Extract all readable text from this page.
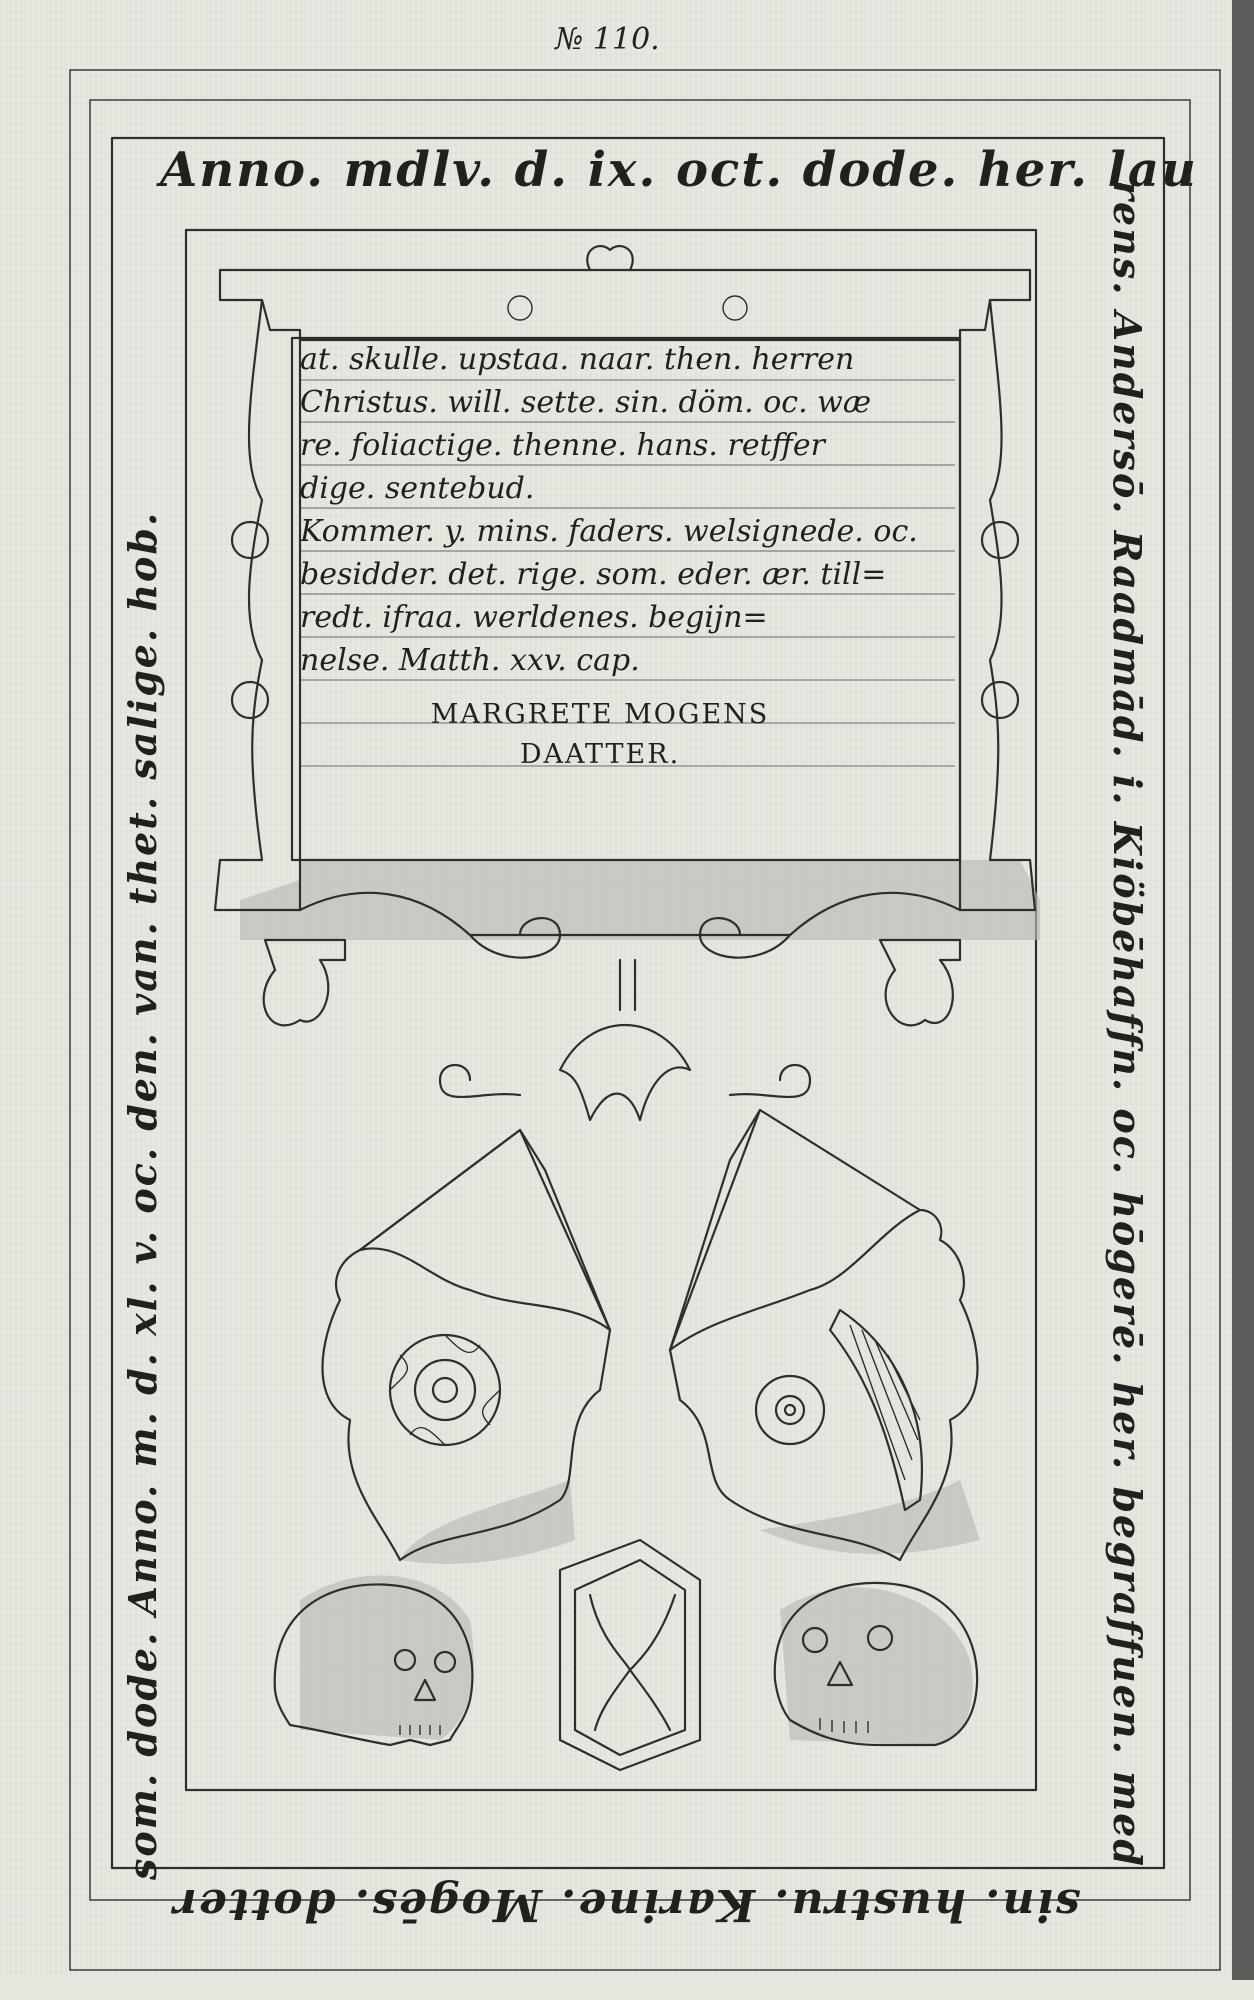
№ 110.
Anno. mdlv. d. ix. oct. dode. her. lau
rens. Andersō. Raadmād. i. Kiöbēhaffn. oc. hōgerē. her. begraffuen. med
sin. hustru. Karine. Mogēs. dotter
som. dode. Anno. m. d. xl. v. oc. den. van. thet. salige. hob.
at. skulle. upstaa. naar. then. herren
Christus. will. sette. sin. döm. oc. wæ
re. foliactige. thenne. hans. retffer
dige. sentebud.
Kommer. y. mins. faders. welsignede. oc.
besidder. det. rige. som. eder. ær. till=
redt. ifraa. werldenes. begijn=
nelse. Matth. xxv. cap.
MARGRETE MOGENS
DAATTER.
